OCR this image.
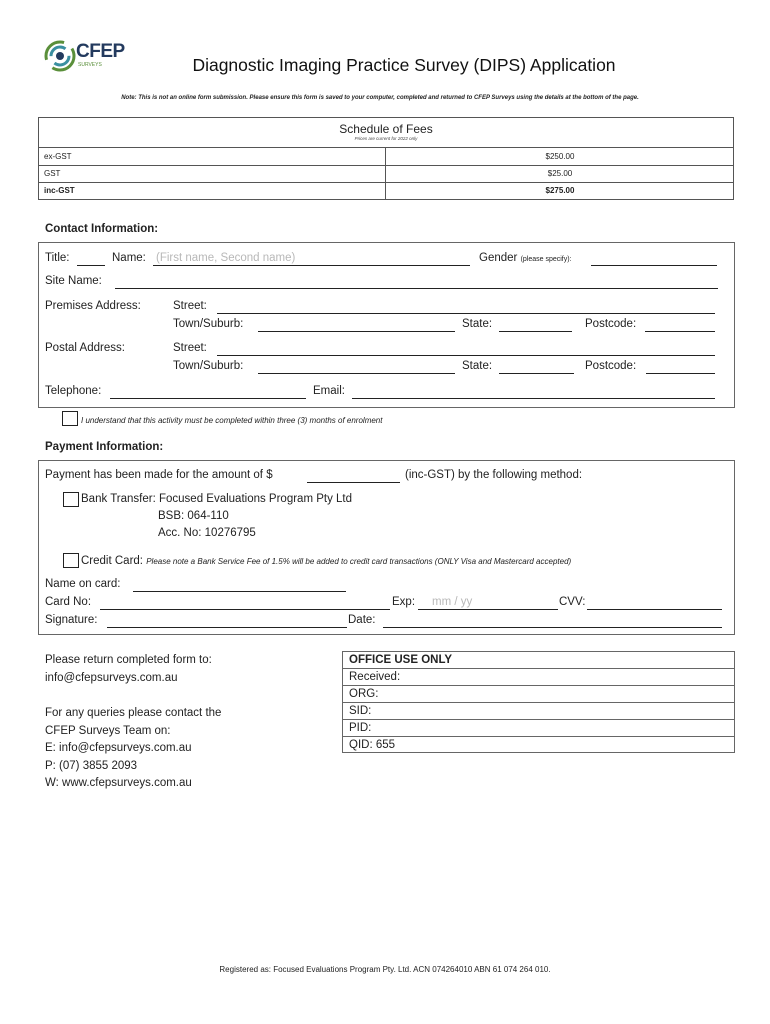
CFEP
SURVEYS	Diagnostic Imaging Practice Survey (DIPS) Application
Note: This is not an online form submission. Please ensure this form is saved to your computer, completed and returned to CFEP Surveys using the details at the bottom of the page.
Schedule of Fees
Prices are current for 2022 only
ex-GST	$250.00
GST	$25.00
inc-GST	$275.00
Contact Information:
Title:	Name: (First name, Second name)	Gender (please specify):
Site Name:
Premises Address:	Street:
Town/Suburb:	State:	Postcode:
Postal Address:	Street:
Town/Suburb:	State:	Postcode:
Telephone:	Email:
I understand that this activity must be completed within three (3) months of enrolment
Payment Information:
Payment has been made for the amount of $	(inc-GST) by the following method:
Bank Transfer: Focused Evaluations Program Pty Ltd
BSB: 064-110
Acc. No: 10276795
Credit Card: Please note a Bank Service Fee of 1.5% will be added to credit card transactions (ONLY Visa and Mastercard accepted)
Name on card:
Card No:	Exp: mm / yy	CVV:
Signature:	Date:
Please return completed form to:
info@cfepsurveys.com.au
For any queries please contact the
CFEP Surveys Team on:
E: info@cfepsurveys.com.au
P: (07) 3855 2093
W: www.cfepsurveys.com.au
OFFICE USE ONLY
Received:
ORG:
SID:
PID:
QID: 655
Registered as: Focused Evaluations Program Pty. Ltd. ACN 074264010 ABN 61 074 264 010.
